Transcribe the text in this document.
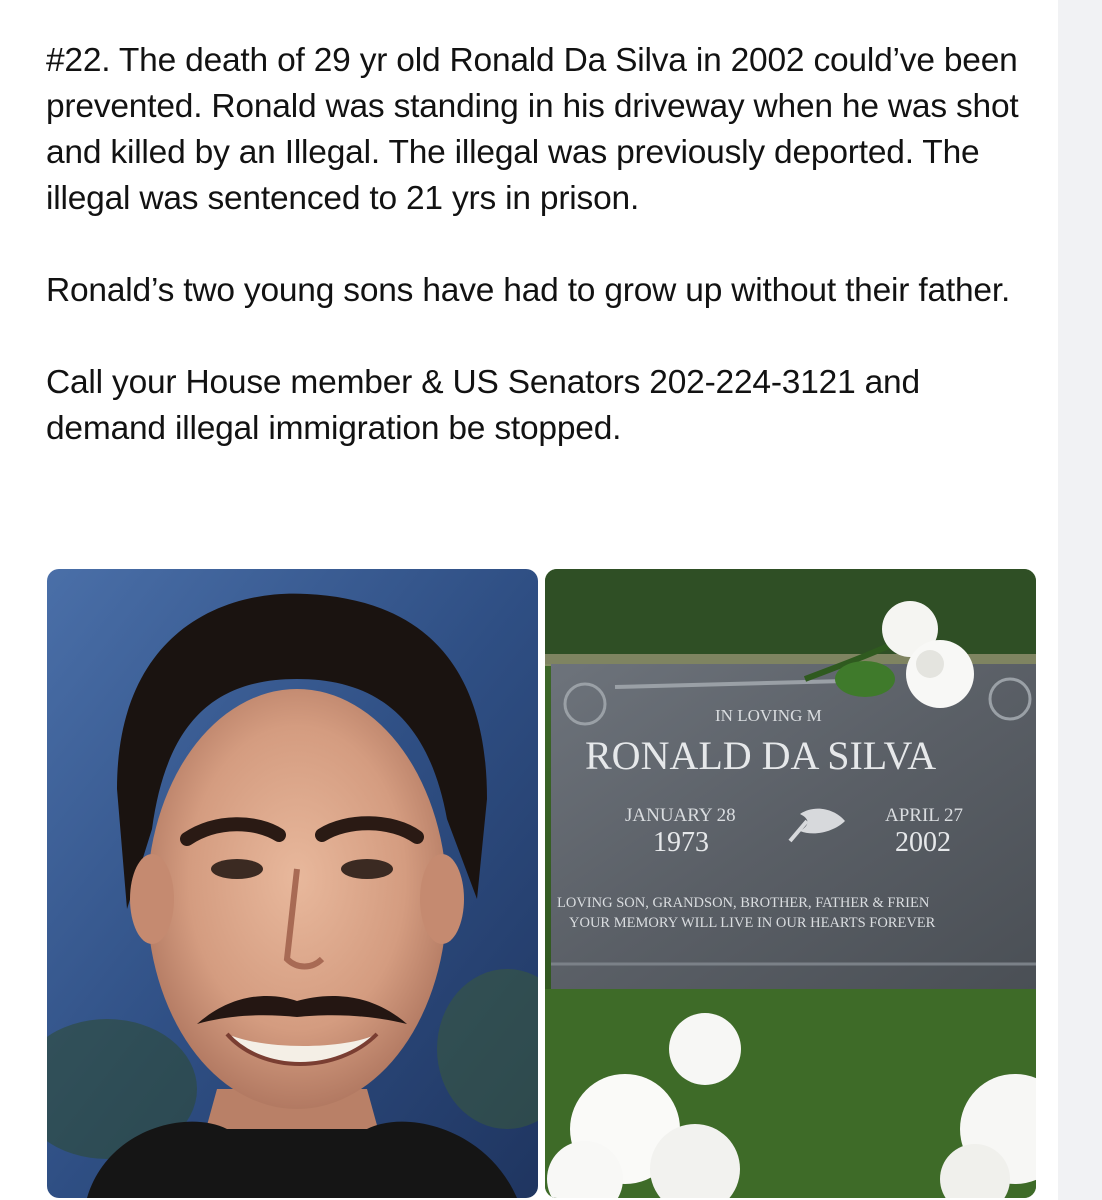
#22. The death of 29 yr old Ronald Da Silva in 2002 could’ve been prevented. Ronald was standing in his driveway when he was shot and killed by an Illegal. The illegal was previously deported. The illegal was sentenced to 21 yrs in prison.

Ronald’s two young sons have had to grow up without their father.

Call your House member & US Senators 202-224-3121 and demand illegal immigration be stopped.

IN LOVING M
RONALD DA SILVA
JANUARY 28
1973
APRIL 27
2002
LOVING SON, GRANDSON, BROTHER, FATHER & FRIEN
YOUR MEMORY WILL LIVE IN OUR HEARTS FOREVER
